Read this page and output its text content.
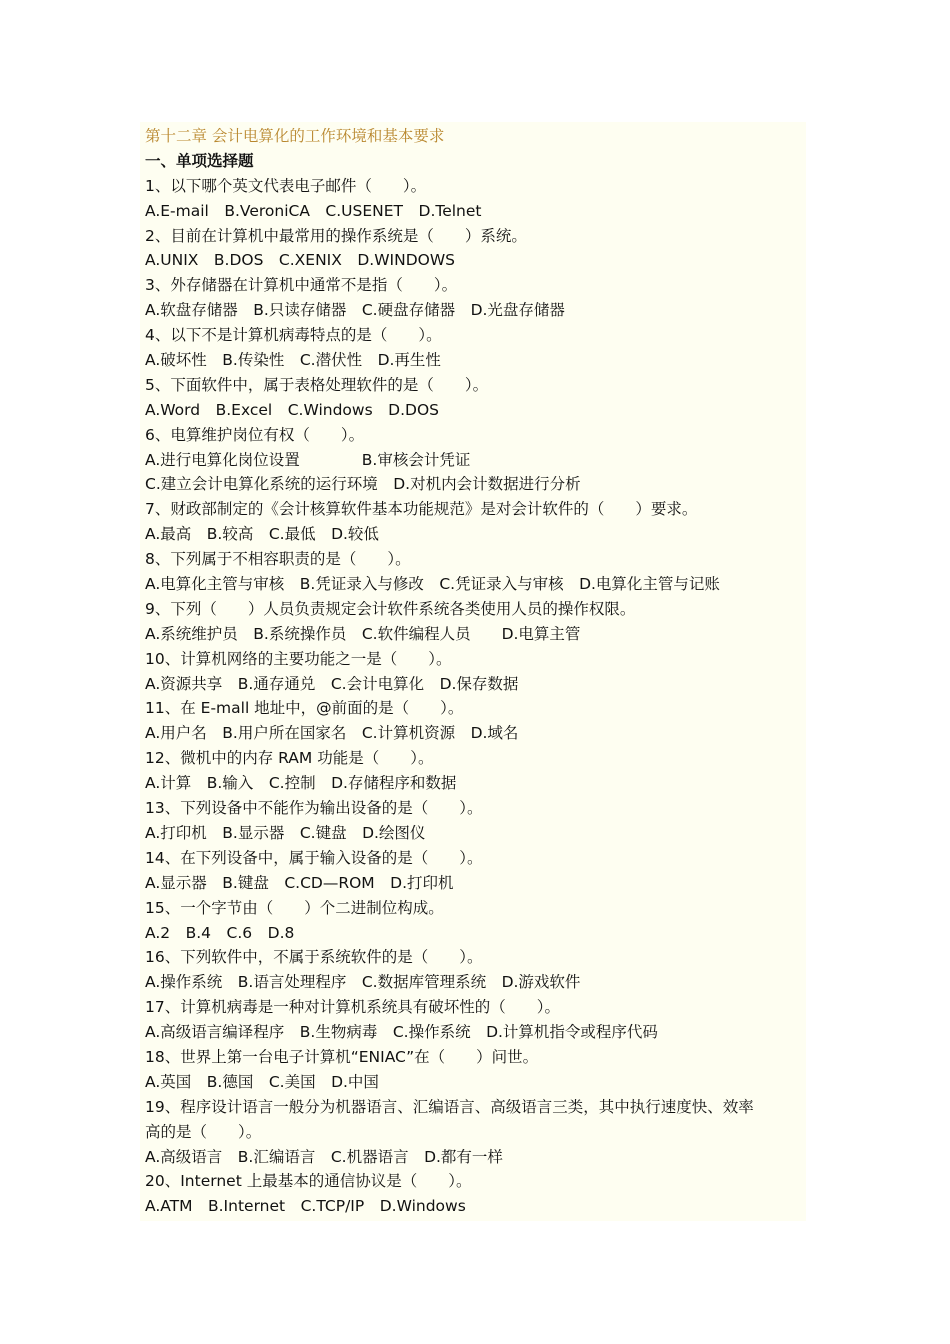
第十二章 会计电算化的工作环境和基本要求
一、单项选择题
1、以下哪个英文代表电子邮件（　　）。
A.E-mail　B.VeroniCA　C.USENET　D.Telnet
2、目前在计算机中最常用的操作系统是（　　）系统。
A.UNIX　B.DOS　C.XENIX　D.WINDOWS
3、外存储器在计算机中通常不是指（　　）。
A.软盘存储器　B.只读存储器　C.硬盘存储器　D.光盘存储器
4、以下不是计算机病毒特点的是（　　）。
A.破坏性　B.传染性　C.潜伏性　D.再生性
5、下面软件中，属于表格处理软件的是（　　）。
A.Word　B.Excel　C.Windows　D.DOS
6、电算维护岗位有权（　　）。
A.进行电算化岗位设置　　　　B.审核会计凭证
C.建立会计电算化系统的运行环境　D.对机内会计数据进行分析
7、财政部制定的《会计核算软件基本功能规范》是对会计软件的（　　）要求。
A.最高　B.较高　C.最低　D.较低
8、下列属于不相容职责的是（　　）。
A.电算化主管与审核　B.凭证录入与修改　C.凭证录入与审核　D.电算化主管与记账
9、下列（　　）人员负责规定会计软件系统各类使用人员的操作权限。
A.系统维护员　B.系统操作员　C.软件编程人员　　D.电算主管
10、计算机网络的主要功能之一是（　　）。
A.资源共享　B.通存通兑　C.会计电算化　D.保存数据
11、在 E-mall 地址中，@前面的是（　　）。
A.用户名　B.用户所在国家名　C.计算机资源　D.域名
12、微机中的内存 RAM 功能是（　　）。
A.计算　B.输入　C.控制　D.存储程序和数据
13、下列设备中不能作为输出设备的是（　　）。
A.打印机　B.显示器　C.键盘　D.绘图仪
14、在下列设备中，属于输入设备的是（　　）。
A.显示器　B.键盘　C.CD—ROM　D.打印机
15、一个字节由（　　）个二进制位构成。
A.2　B.4　C.6　D.8
16、下列软件中，不属于系统软件的是（　　）。
A.操作系统　B.语言处理程序　C.数据库管理系统　D.游戏软件
17、计算机病毒是一种对计算机系统具有破坏性的（　　）。
A.高级语言编译程序　B.生物病毒　C.操作系统　D.计算机指令或程序代码
18、世界上第一台电子计算机“ENIAC”在（　　）问世。
A.英国　B.德国　C.美国　D.中国
19、程序设计语言一般分为机器语言、汇编语言、高级语言三类，其中执行速度快、效率
高的是（　　）。
A.高级语言　B.汇编语言　C.机器语言　D.都有一样
20、Internet 上最基本的通信协议是（　　）。
A.ATM　B.Internet　C.TCP/IP　D.Windows
